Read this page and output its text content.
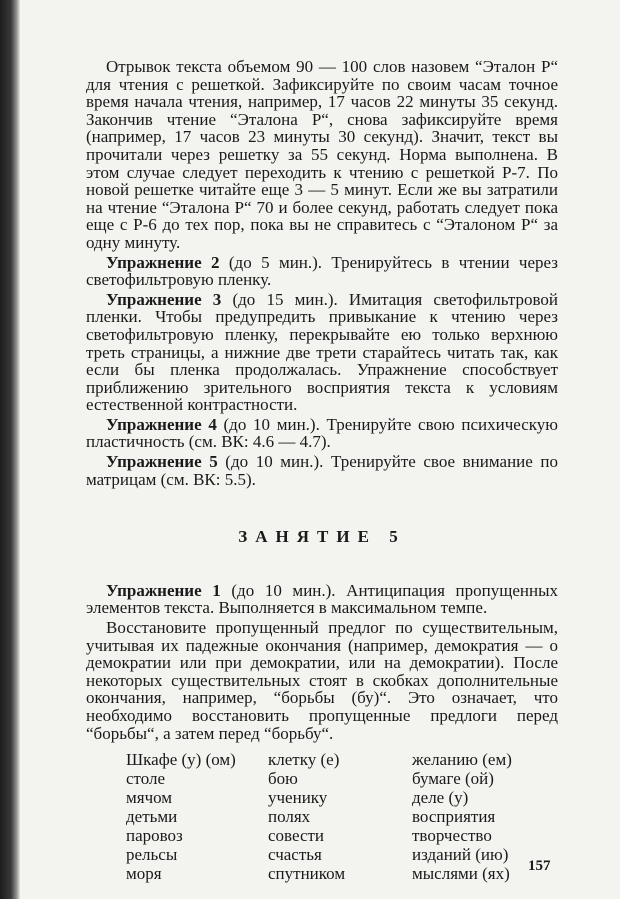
Отрывок текста объемом 90 — 100 слов назовем “Эталон Р“ для чтения с решеткой. Зафиксируйте по своим часам точное время начала чтения, например, 17 часов 22 минуты 35 секунд. Закончив чтение “Эталона Р“, снова зафиксируйте время (например, 17 часов 23 минуты 30 секунд). Значит, текст вы прочитали через решетку за 55 секунд. Норма выполнена. В этом случае следует переходить к чтению с решеткой Р-7. По новой решетке читайте еще 3 — 5 минут. Если же вы затратили на чтение “Эталона Р“ 70 и более секунд, работать следует пока еще с Р-6 до тех пор, пока вы не справитесь с “Эталоном Р“ за одну минуту.

Упражнение 2 (до 5 мин.). Тренируйтесь в чтении через светофильтровую пленку.

Упражнение 3 (до 15 мин.). Имитация светофильтровой пленки. Чтобы предупредить привыкание к чтению через светофильтровую пленку, перекрывайте ею только верхнюю треть страницы, а нижние две трети старайтесь читать так, как если бы пленка продолжалась. Упражнение способствует приближению зрительного восприятия текста к условиям естественной контрастности.

Упражнение 4 (до 10 мин.). Тренируйте свою психическую пластичность (см. ВК: 4.6 — 4.7).

Упражнение 5 (до 10 мин.). Тренируйте свое внимание по матрицам (см. ВК: 5.5).

ЗАНЯТИЕ 5

Упражнение 1 (до 10 мин.). Антиципация пропущенных элементов текста. Выполняется в максимальном темпе.

Восстановите пропущенный предлог по существительным, учитывая их падежные окончания (например, демократия — о демократии или при демократии, или на демократии). После некоторых существительных стоят в скобках дополнительные окончания, например, “борьбы (бу)“. Это означает, что необходимо восстановить пропущенные предлоги перед “борьбы“, а затем перед “борьбу“.

Шкафе (у) (ом)	клетку (е)	желанию (ем)
столе	бою	бумаге (ой)
мячом	ученику	деле (у)
детьми	полях	восприятия
паровоз	совести	творчество
рельсы	счастья	изданий (ию)
моря	спутником	мыслями (ях)	157
